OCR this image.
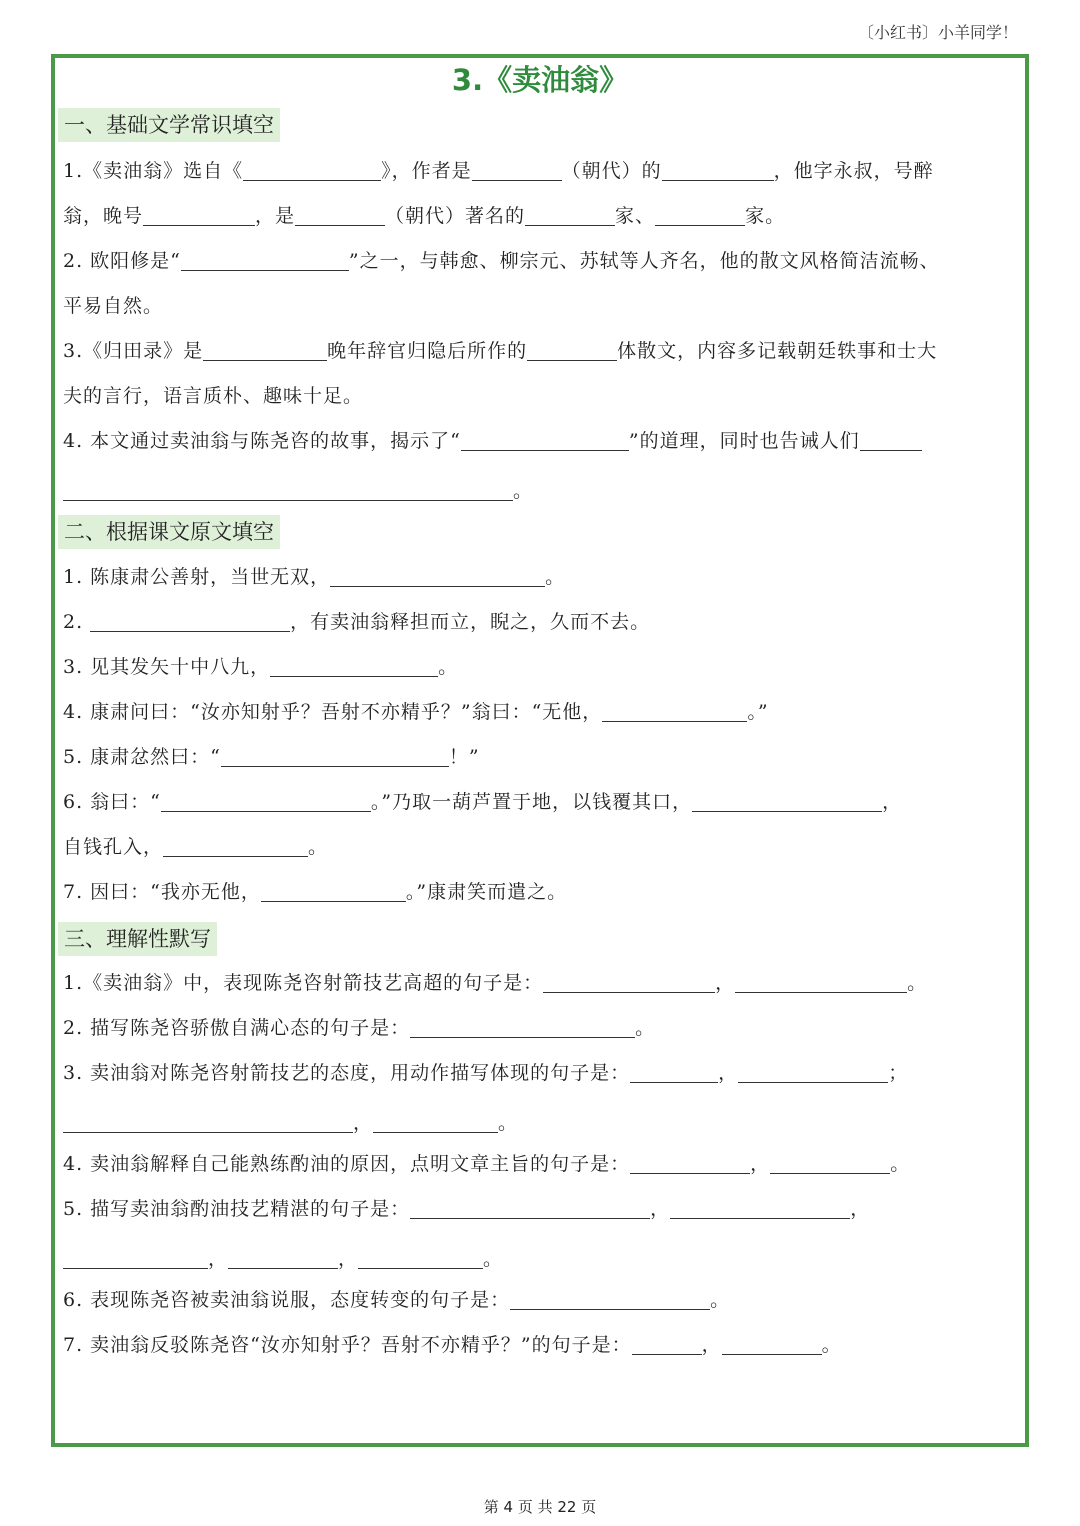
〔小红书〕小羊同学！
3.《卖油翁》
一、基础文学常识填空
1.《卖油翁》选自《	》，作者是	（朝代）的	，他字永叔，号醉
翁，晚号	，是	（朝代）著名的	家、	家。
2. 欧阳修是“	”之一，与韩愈、柳宗元、苏轼等人齐名，他的散文风格简洁流畅、
平易自然。
3.《归田录》是	晚年辞官归隐后所作的	体散文，内容多记载朝廷轶事和士大
夫的言行，语言质朴、趣味十足。
4. 本文通过卖油翁与陈尧咨的故事，揭示了“	”的道理，同时也告诫人们
。
二、根据课文原文填空
1. 陈康肃公善射，当世无双，	。
2.	，有卖油翁释担而立，睨之，久而不去。
3. 见其发矢十中八九，	。
4. 康肃问曰：“汝亦知射乎？吾射不亦精乎？”翁曰：“无他，	。”
5. 康肃忿然曰：“	！”
6. 翁曰：“	。”乃取一葫芦置于地，以钱覆其口，	，
自钱孔入，	。
7. 因曰：“我亦无他，	。”康肃笑而遣之。
三、理解性默写
1.《卖油翁》中，表现陈尧咨射箭技艺高超的句子是：	，	。
2. 描写陈尧咨骄傲自满心态的句子是：	。
3. 卖油翁对陈尧咨射箭技艺的态度，用动作描写体现的句子是：	，	；
，	。
4. 卖油翁解释自己能熟练酌油的原因，点明文章主旨的句子是：	，	。
5. 描写卖油翁酌油技艺精湛的句子是：	，	，
，	，	。
6. 表现陈尧咨被卖油翁说服，态度转变的句子是：	。
7. 卖油翁反驳陈尧咨“汝亦知射乎？吾射不亦精乎？”的句子是：	，	。
第 4 页 共 22 页
